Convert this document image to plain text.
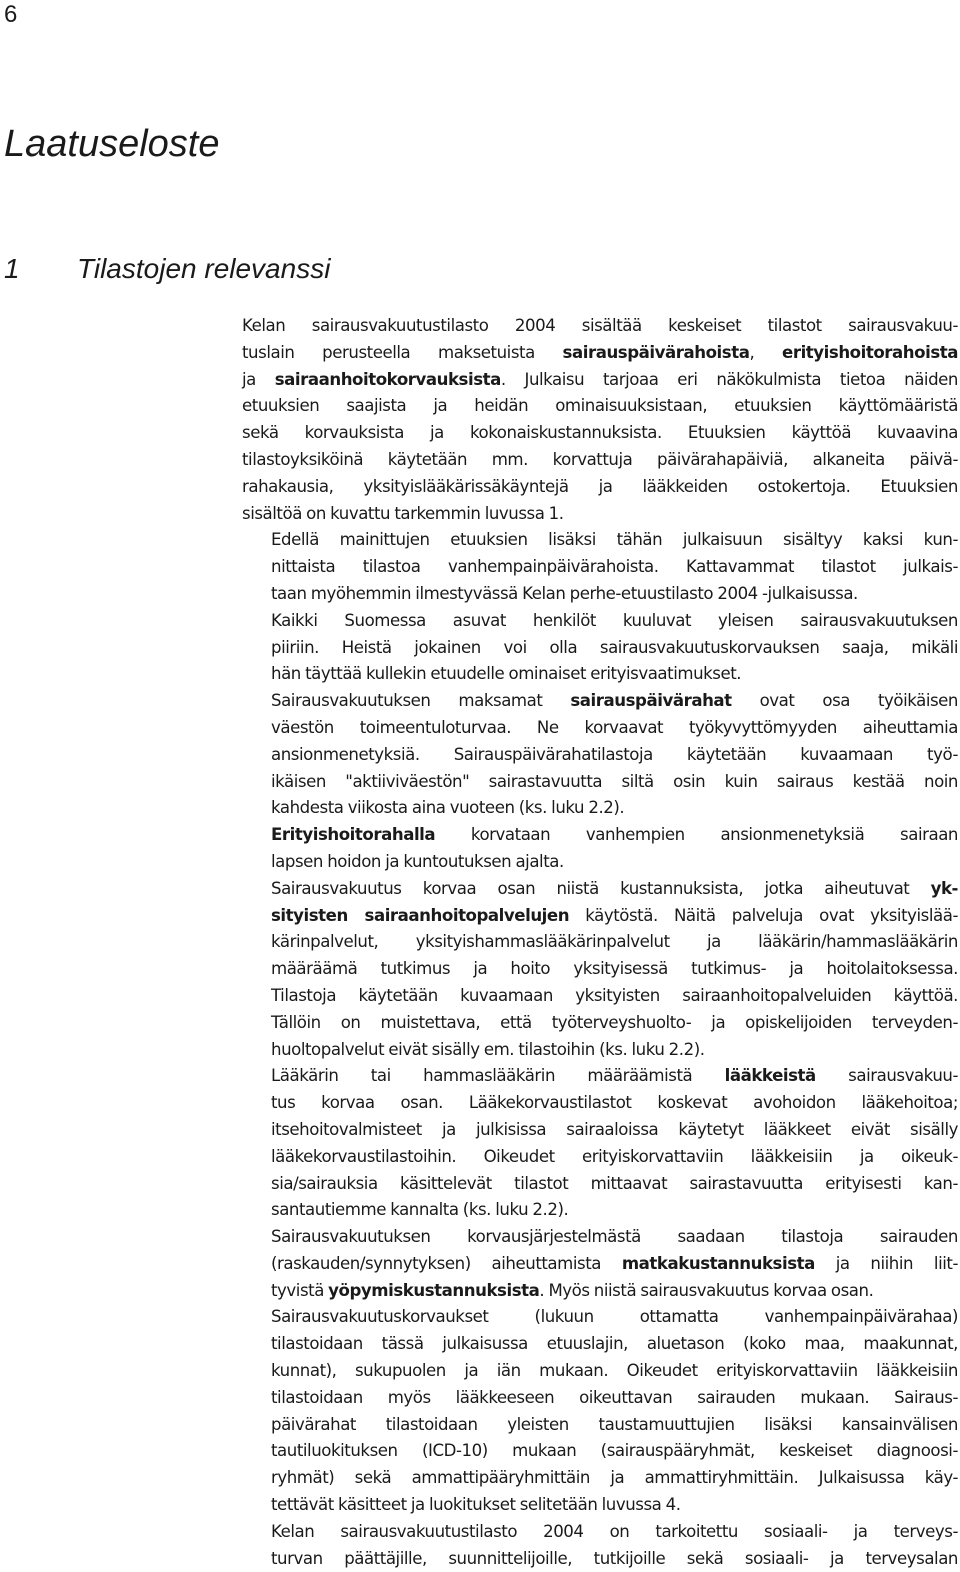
6
Laatuseloste
1 Tilastojen relevanssi

Kelan sairausvakuutustilasto 2004 sisältää keskeiset tilastot sairausvakuu-
tuslain perusteella maksetuista sairauspäivärahoista, erityishoitorahoista
ja sairaanhoitokorvauksista. Julkaisu tarjoaa eri näkökulmista tietoa näiden
etuuksien saajista ja heidän ominaisuuksistaan, etuuksien käyttömääristä
sekä korvauksista ja kokonaiskustannuksista. Etuuksien käyttöä kuvaavina
tilastoyksiköinä käytetään mm. korvattuja päivärahapäiviä, alkaneita päivä-
rahakausia, yksityislääkärissäkäyntejä ja lääkkeiden ostokertoja. Etuuksien
sisältöä on kuvattu tarkemmin luvussa 1.

Edellä mainittujen etuuksien lisäksi tähän julkaisuun sisältyy kaksi kun-
nittaista tilastoa vanhempainpäivärahoista. Kattavammat tilastot julkais-
taan myöhemmin ilmestyvässä Kelan perhe-etuustilasto 2004 -julkaisussa.

Kaikki Suomessa asuvat henkilöt kuuluvat yleisen sairausvakuutuksen
piiriin. Heistä jokainen voi olla sairausvakuutuskorvauksen saaja, mikäli
hän täyttää kullekin etuudelle ominaiset erityisvaatimukset.

Sairausvakuutuksen maksamat sairauspäivärahat ovat osa työikäisen
väestön toimeentuloturvaa. Ne korvaavat työkyvyttömyyden aiheuttamia
ansionmenetyksiä. Sairauspäivärahatilastoja käytetään kuvaamaan työ-
ikäisen "aktiiviväestön" sairastavuutta siltä osin kuin sairaus kestää noin
kahdesta viikosta aina vuoteen (ks. luku 2.2).

Erityishoitorahalla korvataan vanhempien ansionmenetyksiä sairaan
lapsen hoidon ja kuntoutuksen ajalta.

Sairausvakuutus korvaa osan niistä kustannuksista, jotka aiheutuvat yk-
sityisten sairaanhoitopalvelujen käytöstä. Näitä palveluja ovat yksityislää-
kärinpalvelut, yksityishammaslääkärinpalvelut ja lääkärin/hammaslääkärin
määräämä tutkimus ja hoito yksityisessä tutkimus- ja hoitolaitoksessa.
Tilastoja käytetään kuvaamaan yksityisten sairaanhoitopalveluiden käyttöä.
Tällöin on muistettava, että työterveyshuolto- ja opiskelijoiden terveyden-
huoltopalvelut eivät sisälly em. tilastoihin (ks. luku 2.2).

Lääkärin tai hammaslääkärin määräämistä lääkkeistä sairausvakuu-
tus korvaa osan. Lääkekorvaustilastot koskevat avohoidon lääkehoitoa;
itsehoitovalmisteet ja julkisissa sairaaloissa käytetyt lääkkeet eivät sisälly
lääkekorvaustilastoihin. Oikeudet erityiskorvattaviin lääkkeisiin ja oikeuk-
sia/sairauksia käsittelevät tilastot mittaavat sairastavuutta erityisesti kan-
santautiemme kannalta (ks. luku 2.2).

Sairausvakuutuksen korvausjärjestelmästä saadaan tilastoja sairauden
(raskauden/synnytyksen) aiheuttamista matkakustannuksista ja niihin liit-
tyvistä yöpymiskustannuksista. Myös niistä sairausvakuutus korvaa osan.

Sairausvakuutuskorvaukset (lukuun ottamatta vanhempainpäivärahaa)
tilastoidaan tässä julkaisussa etuuslajin, aluetason (koko maa, maakunnat,
kunnat), sukupuolen ja iän mukaan. Oikeudet erityiskorvattaviin lääkkeisiin
tilastoidaan myös lääkkeeseen oikeuttavan sairauden mukaan. Sairaus-
päivärahat tilastoidaan yleisten taustamuuttujien lisäksi kansainvälisen
tautiluokituksen (ICD-10) mukaan (sairauspääryhmät, keskeiset diagnoosi-
ryhmät) sekä ammattipääryhmittäin ja ammattiryhmittäin. Julkaisussa käy-
tettävät käsitteet ja luokitukset selitetään luvussa 4.

Kelan sairausvakuutustilasto 2004 on tarkoitettu sosiaali- ja terveys-
turvan päättäjille, suunnittelijoille, tutkijoille sekä sosiaali- ja terveysalan
